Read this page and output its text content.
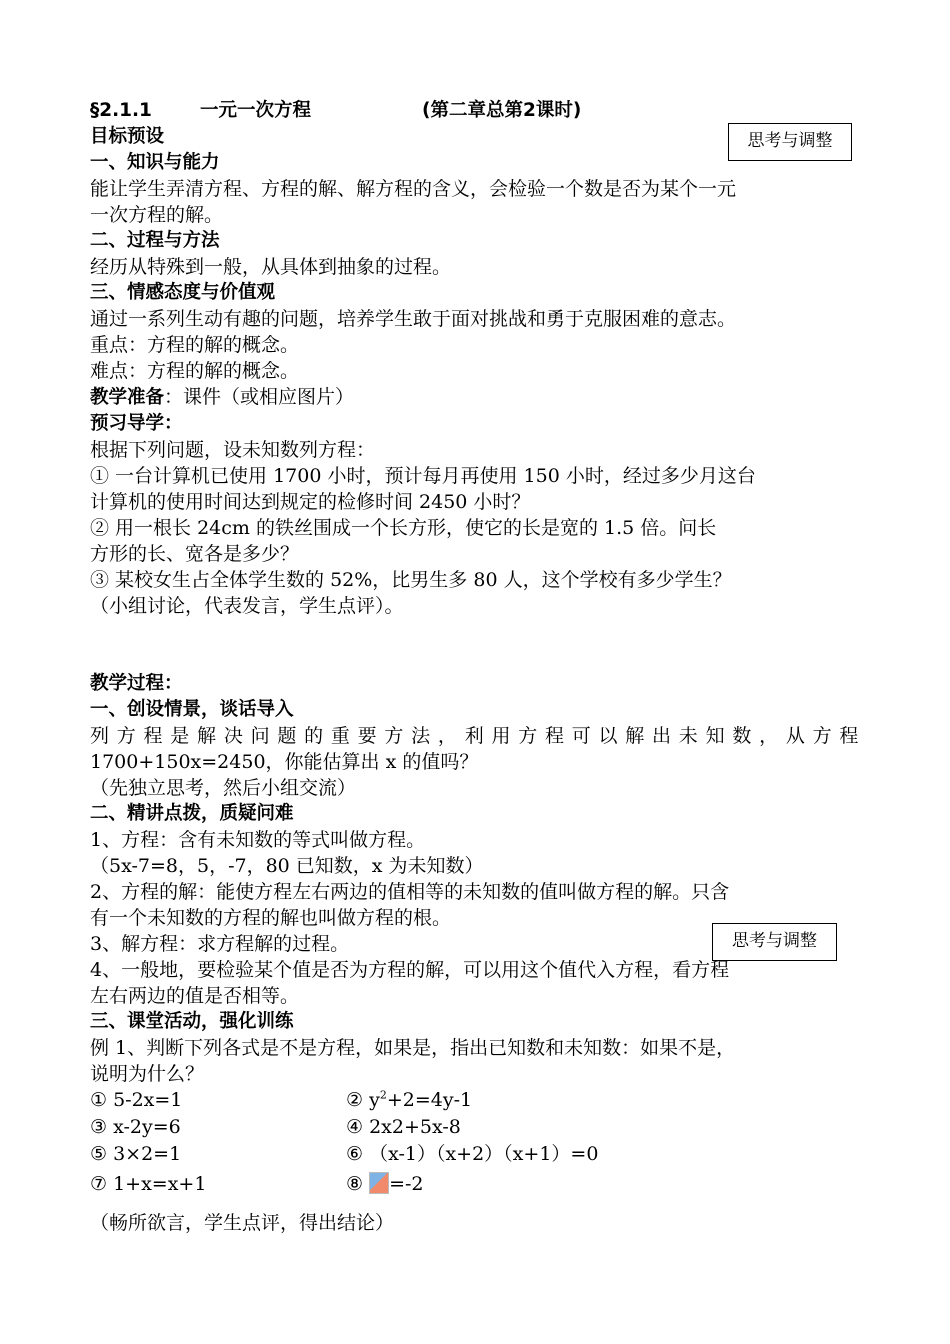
思考与调整
思考与调整
§2.1.1	一元一次方程	(第二章总第2课时)
目标预设
一、知识与能力
能让学生弄清方程、方程的解、解方程的含义，会检验一个数是否为某个一元
一次方程的解。
二、过程与方法
经历从特殊到一般，从具体到抽象的过程。
三、情感态度与价值观
通过一系列生动有趣的问题，培养学生敢于面对挑战和勇于克服困难的意志。
重点：方程的解的概念。
难点：方程的解的概念。
教学准备：课件（或相应图片）
预习导学：
根据下列问题，设未知数列方程：
① 一台计算机已使用 1700 小时，预计每月再使用 150 小时，经过多少月这台
计算机的使用时间达到规定的检修时间 2450 小时？
② 用一根长 24cm 的铁丝围成一个长方形，使它的长是宽的 1.5 倍。问长
方形的长、宽各是多少？
③ 某校女生占全体学生数的 52%，比男生多 80 人，这个学校有多少学生？
（小组讨论，代表发言，学生点评）。
教学过程：
一、创设情景，谈话导入
列方程是解决问题的重要方法，利用方程可以解出未知数，从方程
1700+150x=2450，你能估算出 x 的值吗？
（先独立思考，然后小组交流）
二、精讲点拨，质疑问难
1、方程：含有未知数的等式叫做方程。
（5x-7=8，5，-7，80 已知数，x 为未知数）
2、方程的解：能使方程左右两边的值相等的未知数的值叫做方程的解。只含
有一个未知数的方程的解也叫做方程的根。
3、解方程：求方程解的过程。
4、一般地，要检验某个值是否为方程的解，可以用这个值代入方程，看方程
左右两边的值是否相等。
三、课堂活动，强化训练
例 1、判断下列各式是不是方程，如果是，指出已知数和未知数：如果不是，
说明为什么？
① 5-2x=1	② $y^2+2=4y-1$
③ x-2y=6	④ 2x2+5x-8
⑤ 3×2=1	⑥ （x-1）（x+2）（x+1）=0
⑦ 1+x=x+1	⑧ =-2
（畅所欲言，学生点评，得出结论）
